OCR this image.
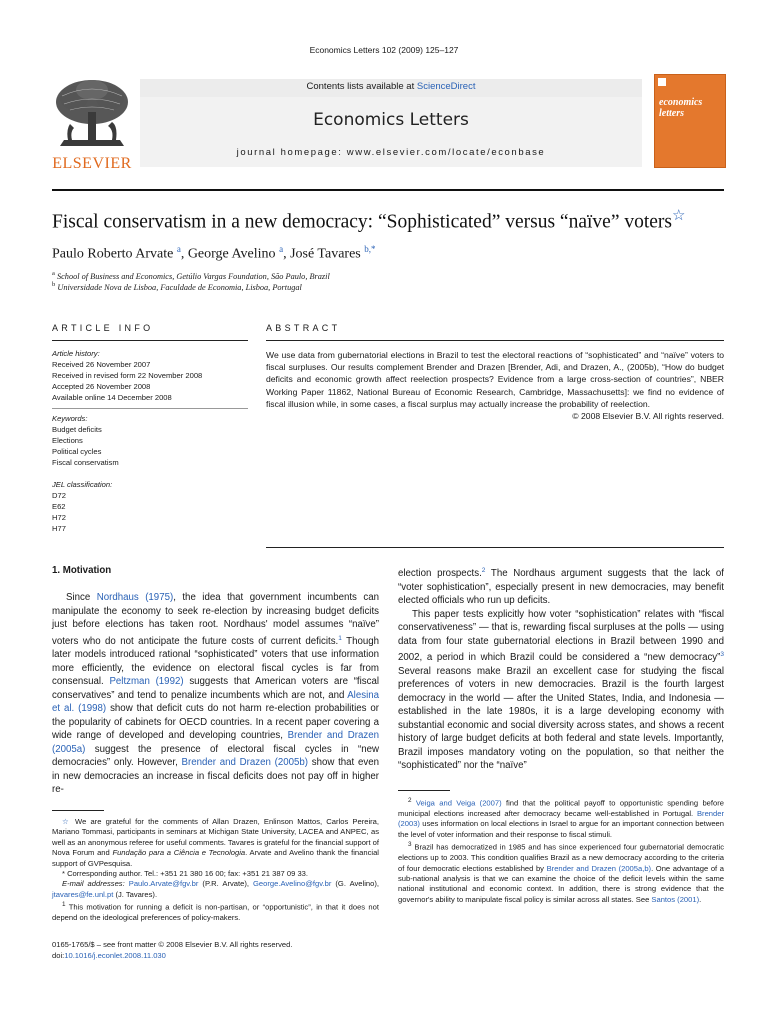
Economics Letters 102 (2009) 125–127
ELSEVIER
Contents lists available at ScienceDirect
Economics Letters
journal homepage: www.elsevier.com/locate/econbase
economics
letters
Fiscal conservatism in a new democracy: “Sophisticated” versus “naïve” voters☆
Paulo Roberto Arvate $^a$, George Avelino $^a$, José Tavares $^{b,*}$
$^a$ School of Business and Economics, Getúlio Vargas Foundation, São Paulo, Brazil
$^b$ Universidade Nova de Lisboa, Faculdade de Economia, Lisboa, Portugal
ARTICLE INFO
Article history:
Received 26 November 2007
Received in revised form 22 November 2008
Accepted 26 November 2008
Available online 14 December 2008
Keywords:
Budget deficits
Elections
Political cycles
Fiscal conservatism
JEL classification:
D72
E62
H72
H77
ABSTRACT
We use data from gubernatorial elections in Brazil to test the electoral reactions of “sophisticated” and “naïve” voters to fiscal surpluses. Our results complement Brender and Drazen [Brender, Adi, and Drazen, A., (2005b), “How do budget deficits and economic growth affect reelection prospects? Evidence from a large cross-section of countries”, NBER Working Paper 11862, National Bureau of Economic Research, Cambridge, Massachusetts]: we find no evidence of fiscal illusion while, in some cases, a fiscal surplus may actually increase the probability of reelection.
© 2008 Elsevier B.V. All rights reserved.
1. Motivation

Since Nordhaus (1975), the idea that government incumbents can manipulate the economy to seek re-election by increasing budget deficits just before elections has taken root. Nordhaus' model assumes “naïve” voters who do not anticipate the future costs of current deficits.$^1$ Though later models introduced rational “sophisticated” voters that use information more efficiently, the evidence on electoral fiscal cycles is far from consensual. Peltzman (1992) suggests that American voters are “fiscal conservatives” and tend to penalize incumbents which are not, and Alesina et al. (1998) show that deficit cuts do not harm re-election probabilities or the popularity of cabinets for OECD countries. In a recent paper covering a wide range of developed and developing countries, Brender and Drazen (2005a) suggest the presence of electoral fiscal cycles in “new democracies” only. However, Brender and Drazen (2005b) show that even in new democracies an increase in fiscal deficits does not pay off in higher re-

☆ We are grateful for the comments of Allan Drazen, Enlinson Mattos, Carlos Pereira, Mariano Tommasi, participants in seminars at Michigan State University, LACEA and ANPEC, as well as an anonymous referee for useful comments. Tavares is grateful for the financial support of Nova Forum and Fundação para a Ciência e Tecnologia. Arvate and Avelino thank the financial support of GVPesquisa.

* Corresponding author. Tel.: +351 21 380 16 00; fax: +351 21 387 09 33.

E-mail addresses: Paulo.Arvate@fgv.br (P.R. Arvate), George.Avelino@fgv.br (G. Avelino), jtavares@fe.unl.pt (J. Tavares).

$^1$ This motivation for running a deficit is non-partisan, or “opportunistic”, in that it does not depend on the ideological preferences of policy-makers.

election prospects.$^2$ The Nordhaus argument suggests that the lack of “voter sophistication”, especially present in new democracies, may benefit elected officials who run up deficits.

This paper tests explicitly how voter “sophistication” relates with “fiscal conservativeness” — that is, rewarding fiscal surpluses at the polls — using data from four state gubernatorial elections in Brazil between 1990 and 2002, a period in which Brazil could be considered a “new democracy”$^3$ Several reasons make Brazil an excellent case for studying the fiscal preferences of voters in new democracies. Brazil is the fourth largest democracy in the world — after the United States, India, and Indonesia — established in the late 1980s, it is a large developing economy with substantial economic and social diversity across states, and shows a recent history of large budget deficits at both federal and state levels. Importantly, Brazil imposes mandatory voting on the population, so that neither the “sophisticated” nor the “naïve”

$^2$ Veiga and Veiga (2007) find that the political payoff to opportunistic spending before municipal elections increased after democracy became well-established in Portugal. Brender (2003) uses information on local elections in Israel to argue for an important connection between the level of voter information and their response to fiscal stimuli.

$^3$ Brazil has democratized in 1985 and has since experienced four gubernatorial democratic elections up to 2003. This condition qualifies Brazil as a new democracy according to the criteria of four democratic elections established by Brender and Drazen (2005a,b). One advantage of a sub-national analysis is that we can examine the choice of the deficit levels within the same national institutional and economic context. In addition, there is strong evidence that the governor's ability to manipulate fiscal policy is similar across all states. See Santos (2001).

0165-1765/$ – see front matter © 2008 Elsevier B.V. All rights reserved.
doi:10.1016/j.econlet.2008.11.030
